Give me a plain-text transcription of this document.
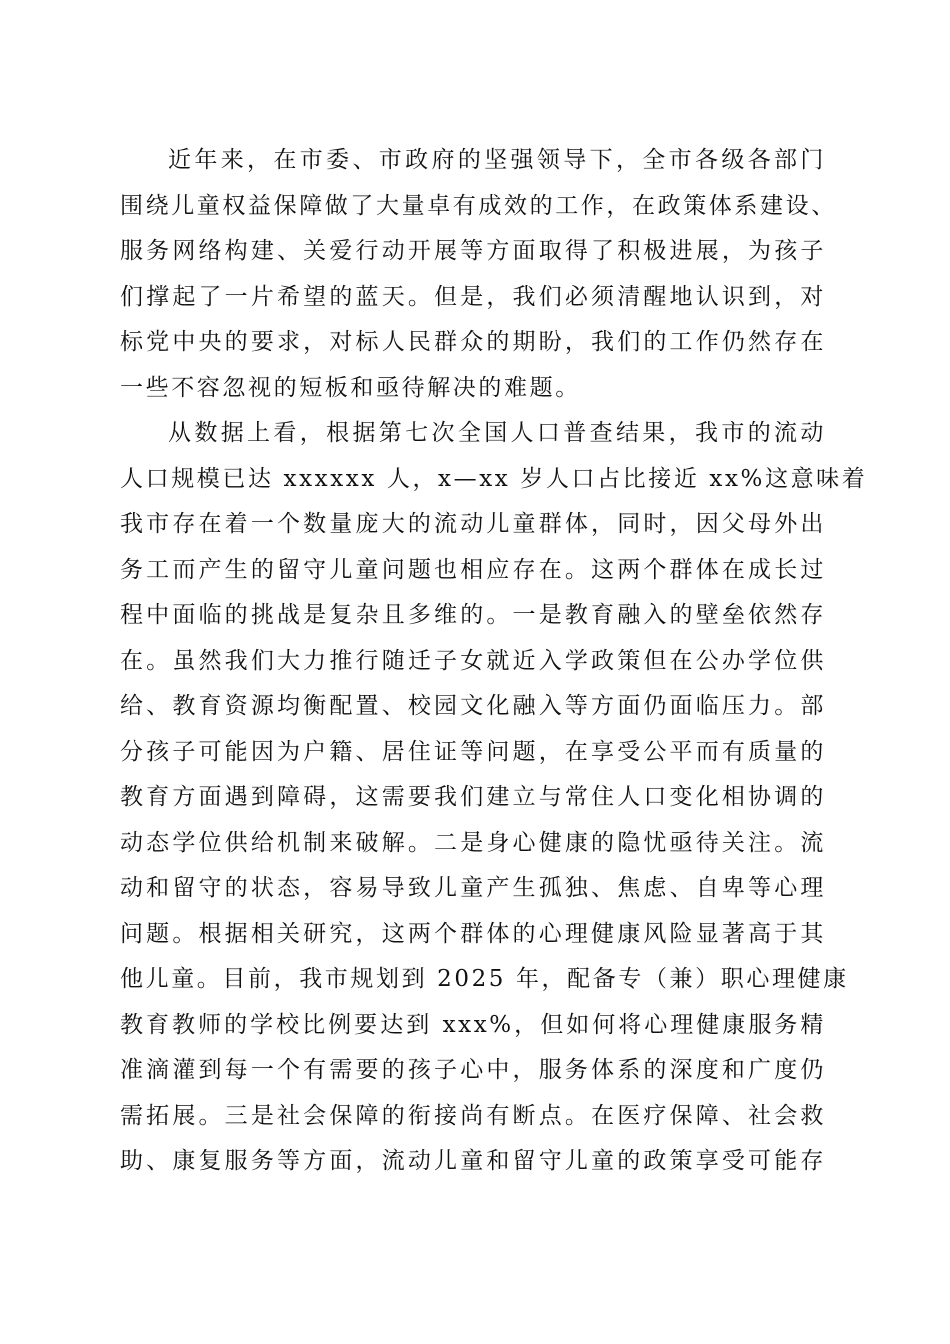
近年来，在市委、市政府的坚强领导下，全市各级各部门
围绕儿童权益保障做了大量卓有成效的工作，在政策体系建设、
服务网络构建、关爱行动开展等方面取得了积极进展，为孩子
们撑起了一片希望的蓝天。但是，我们必须清醒地认识到，对
标党中央的要求，对标人民群众的期盼，我们的工作仍然存在
一些不容忽视的短板和亟待解决的难题。
从数据上看，根据第七次全国人口普查结果，我市的流动
人口规模已达 xxxxxx 人，x—xx 岁人口占比接近 xx%这意味着
我市存在着一个数量庞大的流动儿童群体，同时，因父母外出
务工而产生的留守儿童问题也相应存在。这两个群体在成长过
程中面临的挑战是复杂且多维的。一是教育融入的壁垒依然存
在。虽然我们大力推行随迁子女就近入学政策但在公办学位供
给、教育资源均衡配置、校园文化融入等方面仍面临压力。部
分孩子可能因为户籍、居住证等问题，在享受公平而有质量的
教育方面遇到障碍，这需要我们建立与常住人口变化相协调的
动态学位供给机制来破解。二是身心健康的隐忧亟待关注。流
动和留守的状态，容易导致儿童产生孤独、焦虑、自卑等心理
问题。根据相关研究，这两个群体的心理健康风险显著高于其
他儿童。目前，我市规划到 2025 年，配备专（兼）职心理健康
教育教师的学校比例要达到 xxx%，但如何将心理健康服务精
准滴灌到每一个有需要的孩子心中，服务体系的深度和广度仍
需拓展。三是社会保障的衔接尚有断点。在医疗保障、社会救
助、康复服务等方面，流动儿童和留守儿童的政策享受可能存
